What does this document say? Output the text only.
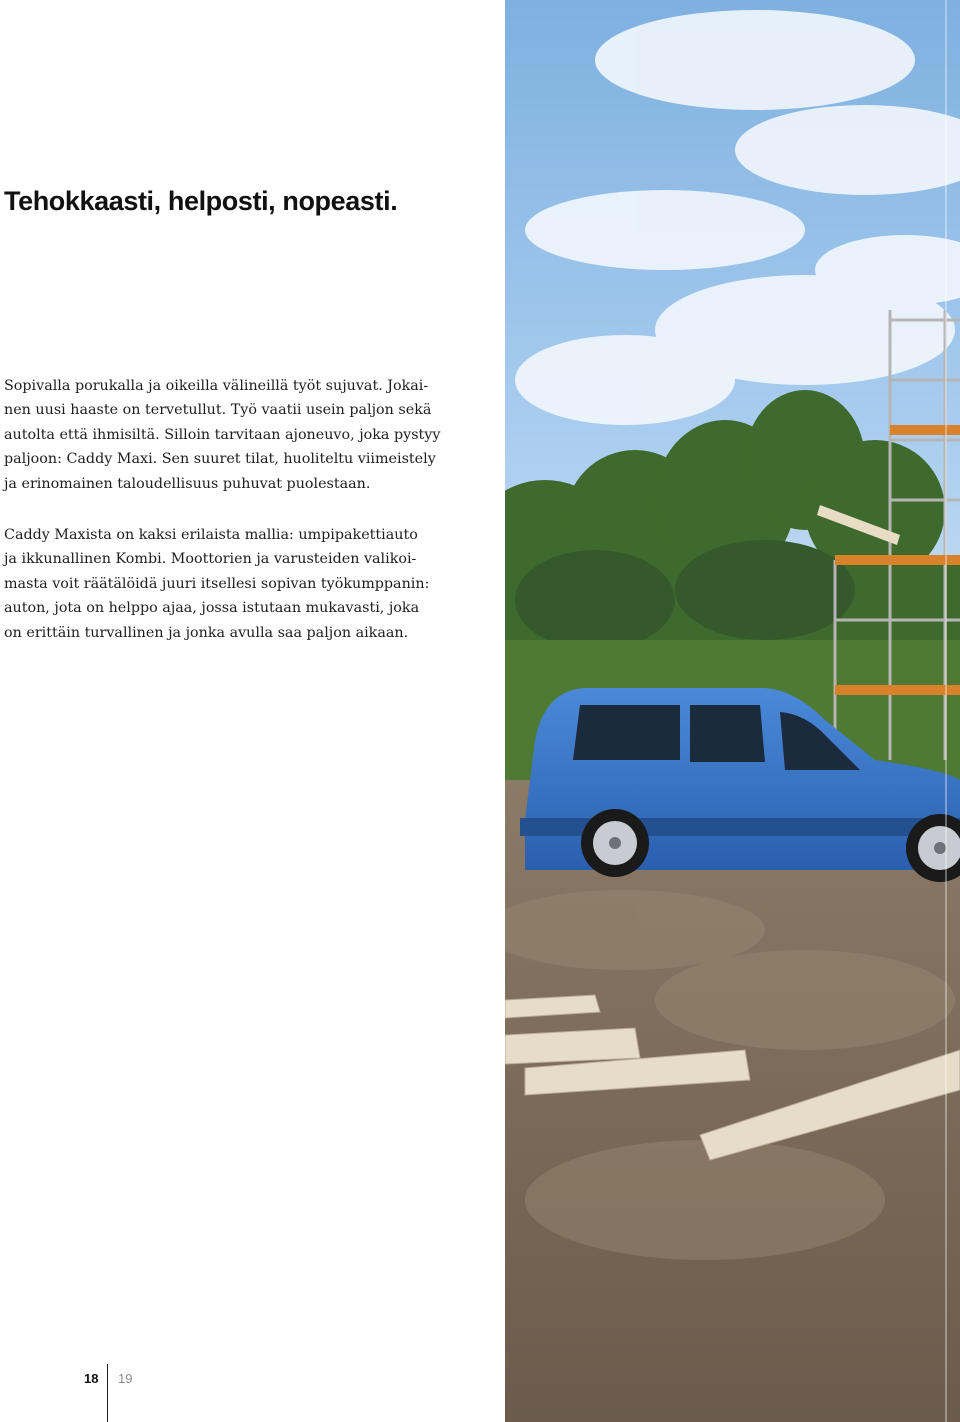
Tehokkaasti, helposti, nopeasti.
Sopivalla porukalla ja oikeilla välineillä työt sujuvat. Jokai-
nen uusi haaste on tervetullut. Työ vaatii usein paljon sekä
autolta että ihmisiltä. Silloin tarvitaan ajoneuvo, joka pystyy
paljoon: Caddy Maxi. Sen suuret tilat, huoliteltu viimeistely
ja erinomainen taloudellisuus puhuvat puolestaan.
Caddy Maxista on kaksi erilaista mallia: umpipakettiauto
ja ikkunallinen Kombi. Moottorien ja varusteiden valikoi-
masta voit räätälöidä juuri itsellesi sopivan työkumppanin:
auton, jota on helppo ajaa, jossa istutaan mukavasti, joka
on erittäin turvallinen ja jonka avulla saa paljon aikaan.
18 19
